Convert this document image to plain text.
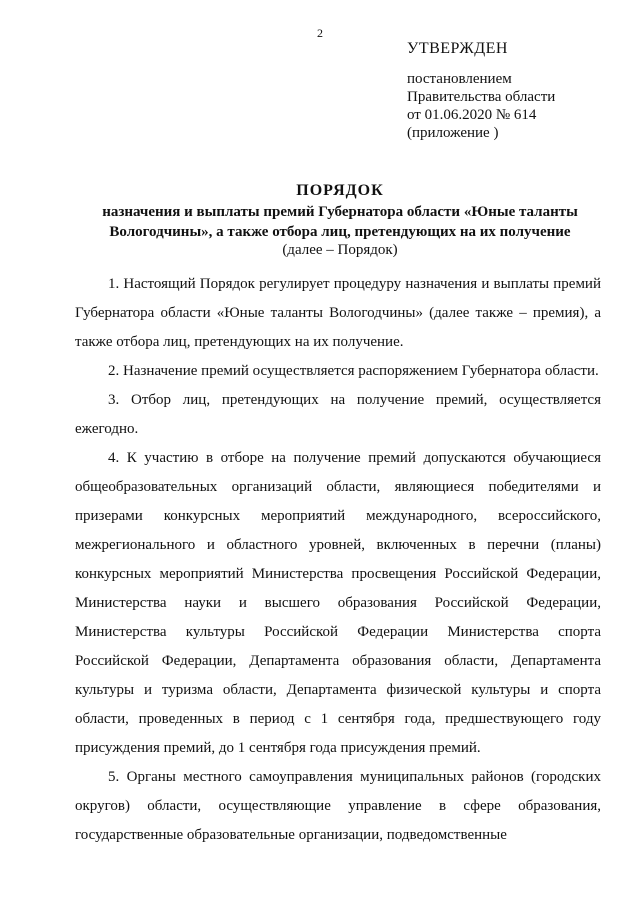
2
УТВЕРЖДЕН
постановлением
Правительства области
от 01.06.2020 № 614
(приложение )
ПОРЯДОК
назначения и выплаты премий Губернатора области «Юные таланты
Вологодчины», а также отбора лиц, претендующих на их получение
(далее – Порядок)

1. Настоящий Порядок регулирует процедуру назначения и выплаты премий Губернатора области «Юные таланты Вологодчины» (далее также – премия), а также отбора лиц, претендующих на их получение.

2. Назначение премий осуществляется распоряжением Губернатора области.

3. Отбор лиц, претендующих на получение премий, осуществляется ежегодно.

4. К участию в отборе на получение премий допускаются обучающиеся общеобразовательных организаций области, являющиеся победителями и призерами конкурсных мероприятий международного, всероссийского, межрегионального и областного уровней, включенных в перечни (планы) конкурсных мероприятий Министерства просвещения Российской Федерации, Министерства науки и высшего образования Российской Федерации, Министерства культуры Российской Федерации Министерства спорта Российской Федерации, Департамента образования области, Департамента культуры и туризма области, Департамента физической культуры и спорта области, проведенных в период с 1 сентября года, предшествующего году присуждения премий, до 1 сентября года присуждения премий.

5. Органы местного самоуправления муниципальных районов (городских округов) области, осуществляющие управление в сфере образования, государственные образовательные организации, подведомственные
